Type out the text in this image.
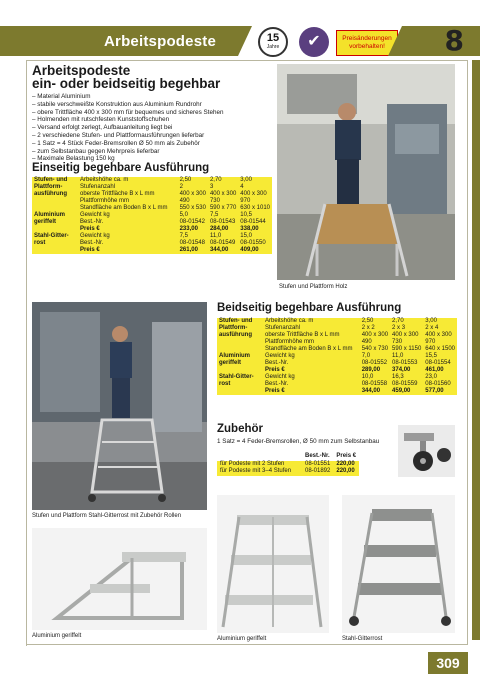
Arbeitspodeste	15
Jahre	✔	Preisänderungen vorbehalten!	8
Arbeitspodeste
ein- oder beidseitig begehbar
– Material Aluminium
– stabile verschweißte Konstruktion aus Aluminium Rundrohr
– obere Trittfläche 400 x 300 mm für bequemes und sicheres Stehen
– Holmenden mit rutschfesten Kunststoffschuhen
– Versand erfolgt zerlegt, Aufbauanleitung liegt bei
– 2 verschiedene Stufen- und Plattformausführungen lieferbar
– 1 Satz = 4 Stück Feder-Bremsrollen Ø 50 mm als Zubehör
– zum Selbstanbau gegen Mehrpreis lieferbar
– Maximale Belastung 150 kg
Einseitig begehbare Ausführung
Stufen- und	Arbeitshöhe ca. m	2,50	2,70	3,00
Plattform-	Stufenanzahl	2	3	4
ausführung	oberste Trittfläche B x L mm	400 x 300	400 x 300	400 x 300
	Plattformhöhe mm	490	730	970
	Standfläche am Boden B x L mm	550 x 530	590 x 770	630 x 1010
Aluminium	Gewicht kg	5,0	7,5	10,5
geriffelt	Best.-Nr.	08-01542	08-01543	08-01544
	Preis €	233,00	284,00	338,00
Stahl-Gitter-	Gewicht kg	7,5	11,0	15,0
rost	Best.-Nr.	08-01548	08-01549	08-01550
	Preis €	261,00	344,00	409,00
Stufen und Plattform Holz
Beidseitig begehbare Ausführung
Stufen- und	Arbeitshöhe ca. m	2,50	2,70	3,00
Plattform-	Stufenanzahl	2 x 2	2 x 3	2 x 4
ausführung	oberste Trittfläche B x L mm	400 x 300	400 x 300	400 x 300
	Plattformhöhe mm	490	730	970
	Standfläche am Boden B x L mm	540 x 730	590 x 1150	640 x 1500
Aluminium	Gewicht kg	7,0	11,0	15,5
geriffelt	Best.-Nr.	08-01552	08-01553	08-01554
	Preis €	289,00	374,00	461,00
Stahl-Gitter-	Gewicht kg	10,0	16,3	23,0
rost	Best.-Nr.	08-01558	08-01559	08-01560
	Preis €	344,00	459,00	577,00
Stufen und Plattform Stahl-Gitterrost mit Zubehör Rollen
Zubehör
1 Satz = 4 Feder-Bremsrollen, Ø 50 mm zum Selbstanbau
	Best.-Nr.	Preis €
für Podeste mit 2 Stufen	08-01551	220,00
für Podeste mit 3–4 Stufen	08-01892	220,00
Aluminium geriffelt	Aluminium geriffelt	Stahl-Gitterrost
309
